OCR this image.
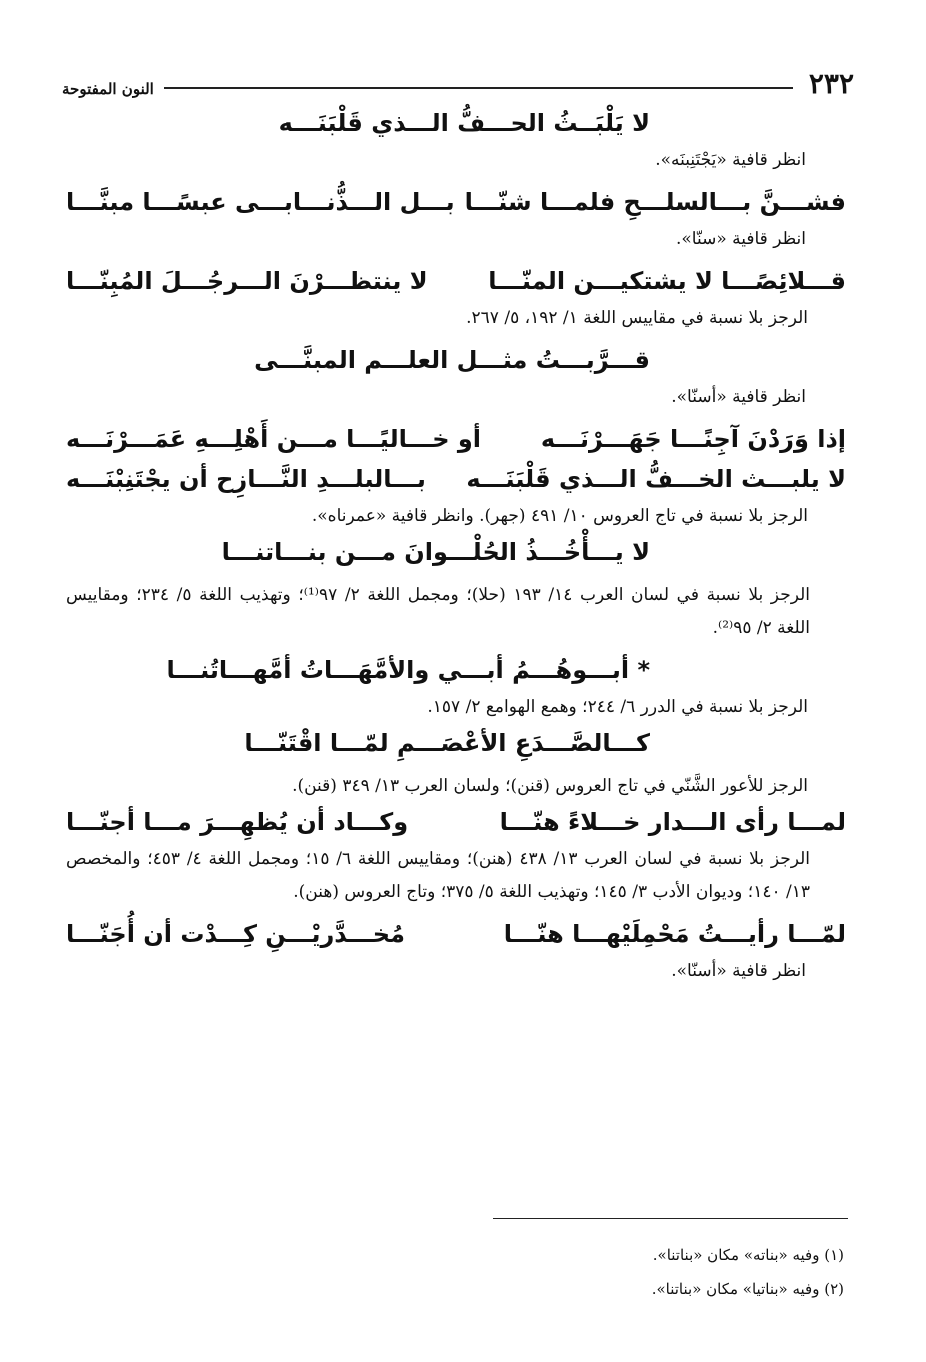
٢٣٢
النون المفتوحة
لا يَلْبَــثُ الحـــفُّ الـــذي قَلْبَنَـــه
انظر قافية «يَجْتَنِبنَه».
فشـــنَّ بـــالسلـــحِ فلمـــا شنّـــا
بـــل الـــذُّنـــابـــى عبسًـــا مبنَّـــا
انظر قافية «سنّا».
قـــلائِصًـــا لا يشتكيـــن المنّـــا
لا ينتظـــرْنَ الـــرجُـــلَ المُبِنّـــا
الرجز بلا نسبة في مقاييس اللغة ١/ ١٩٢، ٥/ ٢٦٧.
قـــرَّبـــتُ مثـــل العلـــم المبنَّـــى
انظر قافية «أسنّا».
إذا وَرَدْنَ آجِنًـــا جَهَـــرْنَـــه
أو خـــاليًـــا مـــن أَهْلِـــهِ عَمَـــرْنَـــه
لا يلبـــث الخـــفُّ الـــذي قَلْبَنَـــه
بـــالبلـــدِ النَّـــازِح أن يجْتَنِبْنَـــه
الرجز بلا نسبة في تاج العروس ١٠/ ٤٩١ (جهر). وانظر قافية «عمرناه».
لا يـــأْخُـــذُ الحُلْـــوانَ مـــن بنـــاتنـــا
الرجز بلا نسبة في لسان العرب ١٤/ ١٩٣ (حلا)؛ ومجمل اللغة ٢/ ٩٧⁽¹⁾؛ وتهذيب اللغة ٥/ ٢٣٤؛ ومقاييس اللغة ٢/ ٩٥⁽²⁾.
* أبـــوهُـــمُ أبـــي والأمَّهَـــاتُ أمَّهـــاتُنـــا
الرجز بلا نسبة في الدرر ٦/ ٢٤٤؛ وهمع الهوامع ٢/ ١٥٧.
كـــالصَّـــدَعِ الأعْصَـــمِ لمّـــا اقْتَنّـــا
الرجز للأعور الشَّنّي في تاج العروس (قنن)؛ ولسان العرب ١٣/ ٣٤٩ (قنن).
لمـــا رأى الـــدار خـــلاءً هنّـــا
وكـــاد أن يُظهِـــرَ مـــا أجنّـــا
الرجز بلا نسبة في لسان العرب ١٣/ ٤٣٨ (هنن)؛ ومقاييس اللغة ٦/ ١٥؛ ومجمل اللغة ٤/ ٤٥٣؛ والمخصص ١٣/ ١٤٠؛ وديوان الأدب ٣/ ١٤٥؛ وتهذيب اللغة ٥/ ٣٧٥؛ وتاج العروس (هنن).
لمّـــا رأيـــتُ مَحْمِلَيْهـــا هنّـــا
مُخـــدَّريْـــنِ كِـــدْت أن أُجَنّـــا
انظر قافية «أسنّا».
(١) وفيه «بناته» مكان «بناتنا».
(٢) وفيه «بناتيا» مكان «بناتنا».
